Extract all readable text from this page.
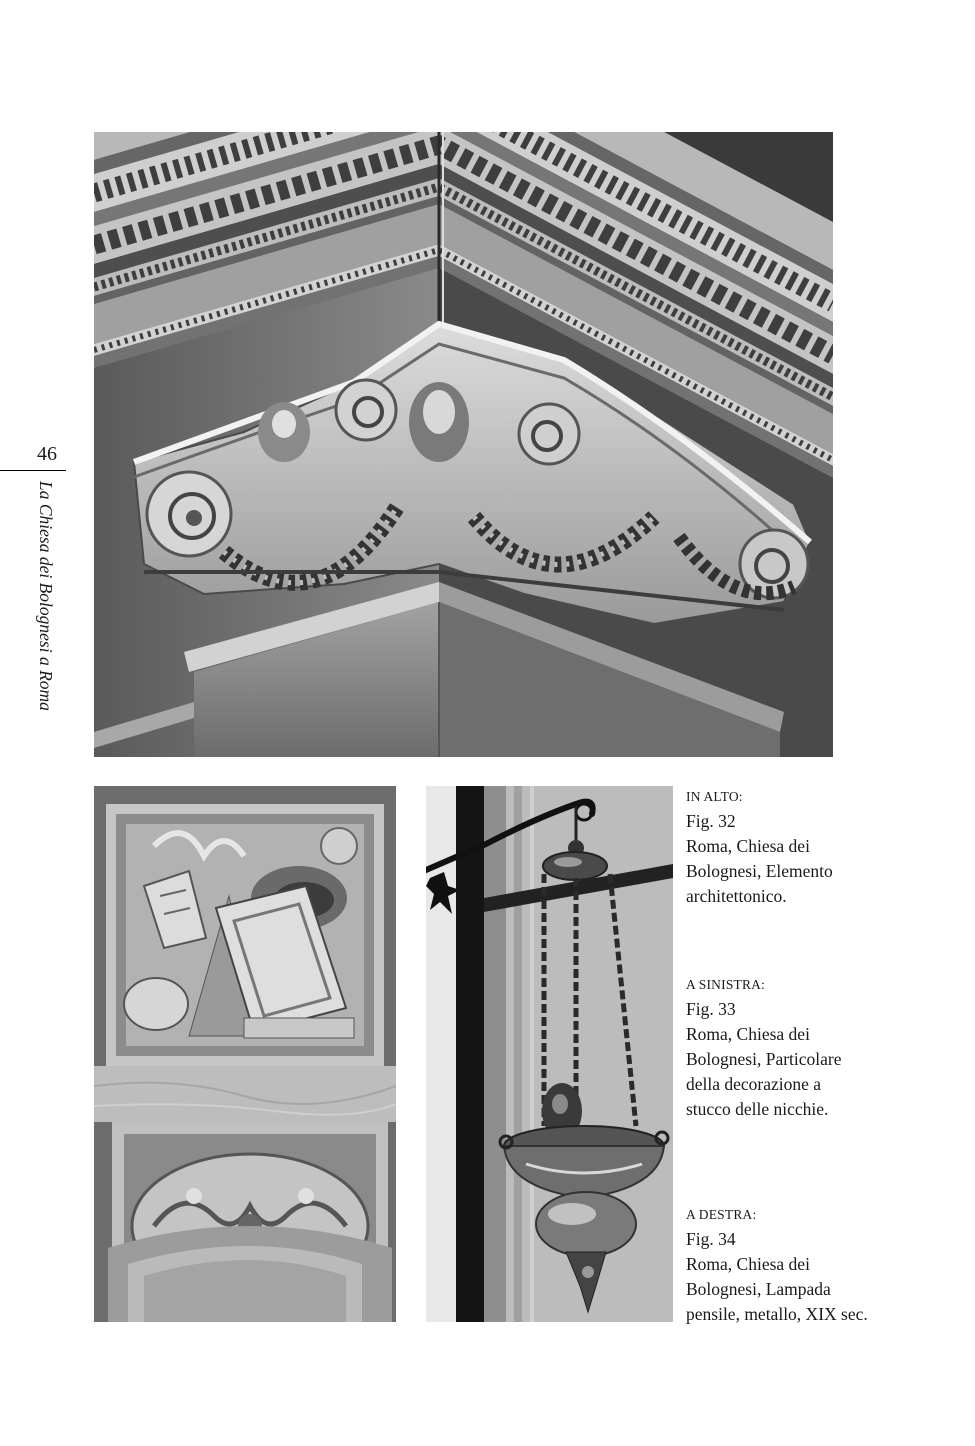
46
La Chiesa dei Bolognesi a Roma
IN ALTO:
Fig. 32
Roma, Chiesa dei
Bolognesi, Elemento
architettonico.
A SINISTRA:
Fig. 33
Roma, Chiesa dei
Bolognesi, Particolare
della decorazione a
stucco delle nicchie.
A DESTRA:
Fig. 34
Roma, Chiesa dei
Bolognesi, Lampada
pensile, metallo, XIX sec.
